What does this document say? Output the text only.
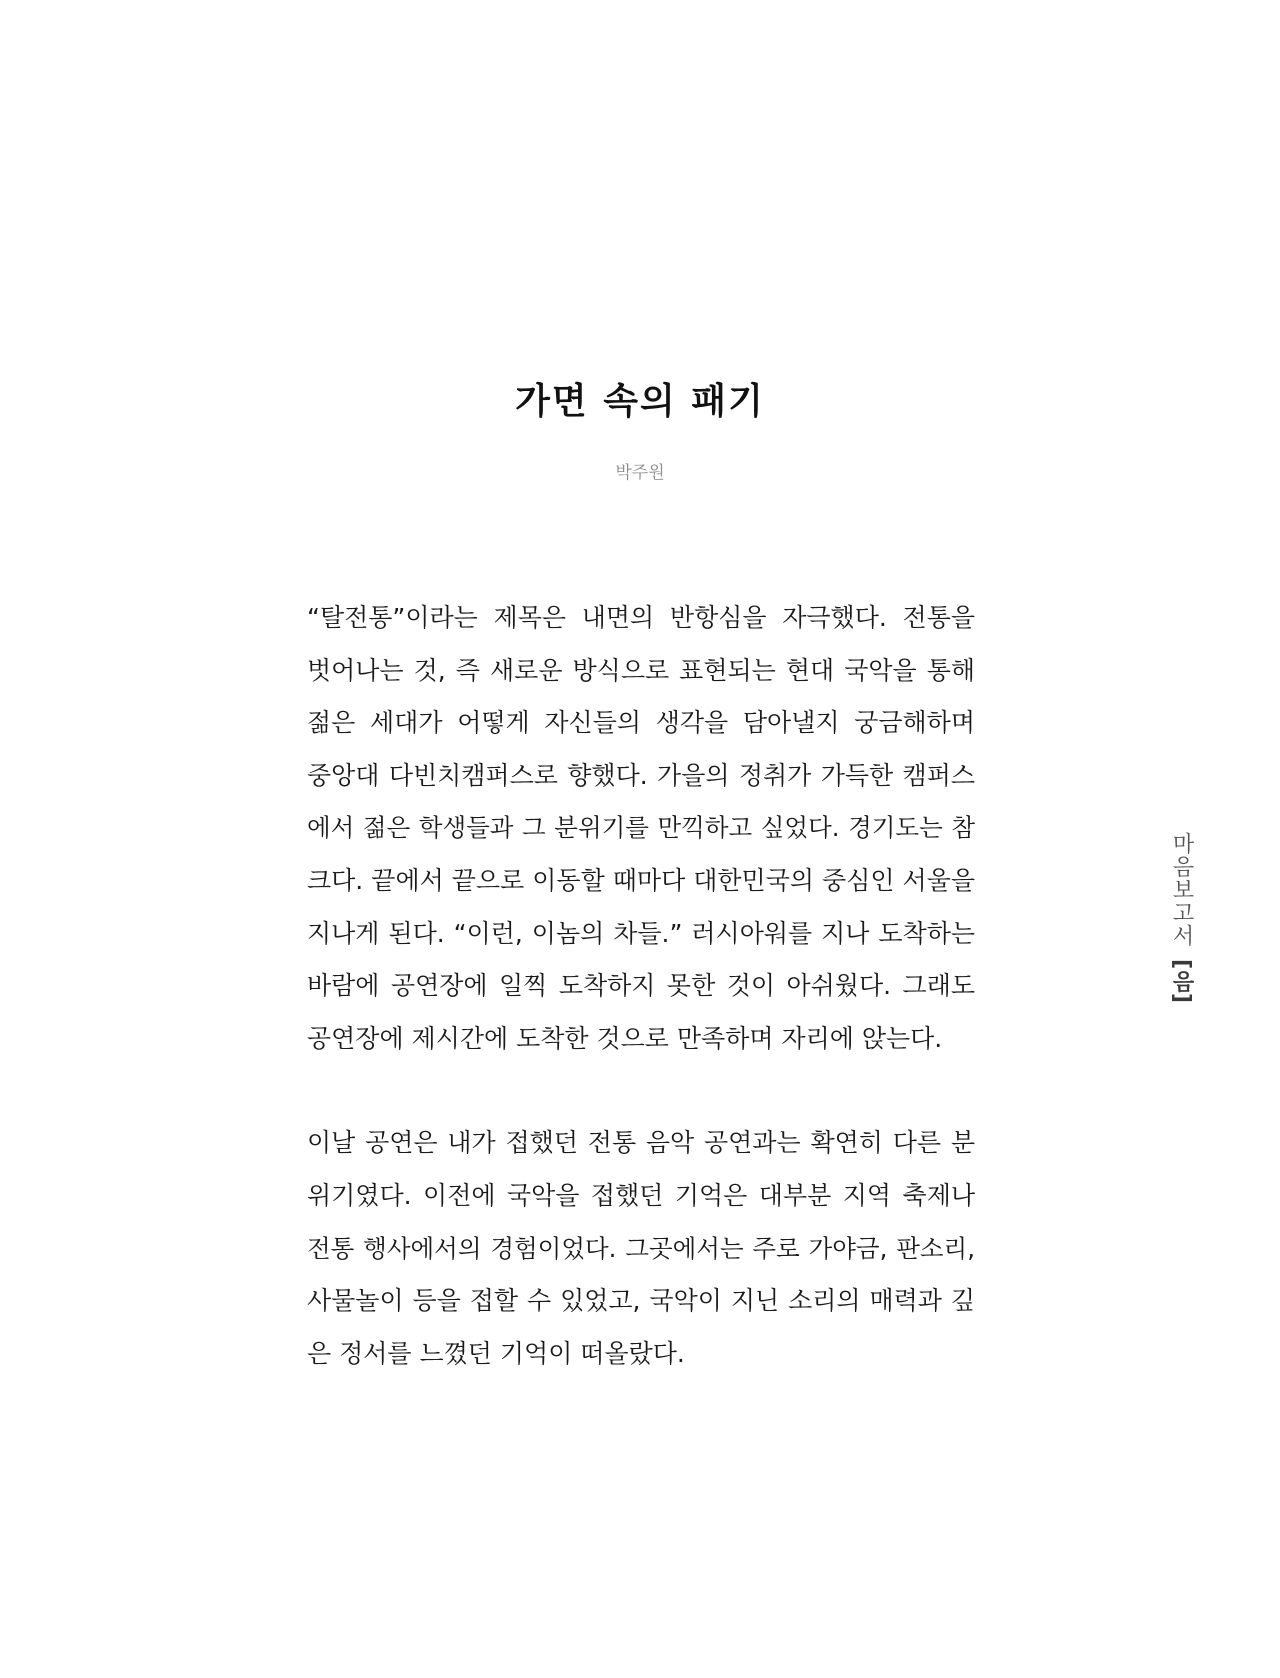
가면 속의 패기

박주원

“탈전통”이라는 제목은 내면의 반항심을 자극했다. 전통을
벗어나는 것, 즉 새로운 방식으로 표현되는 현대 국악을 통해
젊은 세대가 어떻게 자신들의 생각을 담아낼지 궁금해하며
중앙대 다빈치캠퍼스로 향했다. 가을의 정취가 가득한 캠퍼스
에서 젊은 학생들과 그 분위기를 만끽하고 싶었다. 경기도는 참
크다. 끝에서 끝으로 이동할 때마다 대한민국의 중심인 서울을
지나게 된다. “이런, 이놈의 차들.” 러시아워를 지나 도착하는
바람에 공연장에 일찍 도착하지 못한 것이 아쉬웠다. 그래도
공연장에 제시간에 도착한 것으로 만족하며 자리에 앉는다.

이날 공연은 내가 접했던 전통 음악 공연과는 확연히 다른 분
위기였다. 이전에 국악을 접했던 기억은 대부분 지역 축제나
전통 행사에서의 경험이었다. 그곳에서는 주로 가야금, 판소리,
사물놀이 등을 접할 수 있었고, 국악이 지닌 소리의 매력과 깊
은 정서를 느꼈던 기억이 떠올랐다.

마음보고서 [음]
